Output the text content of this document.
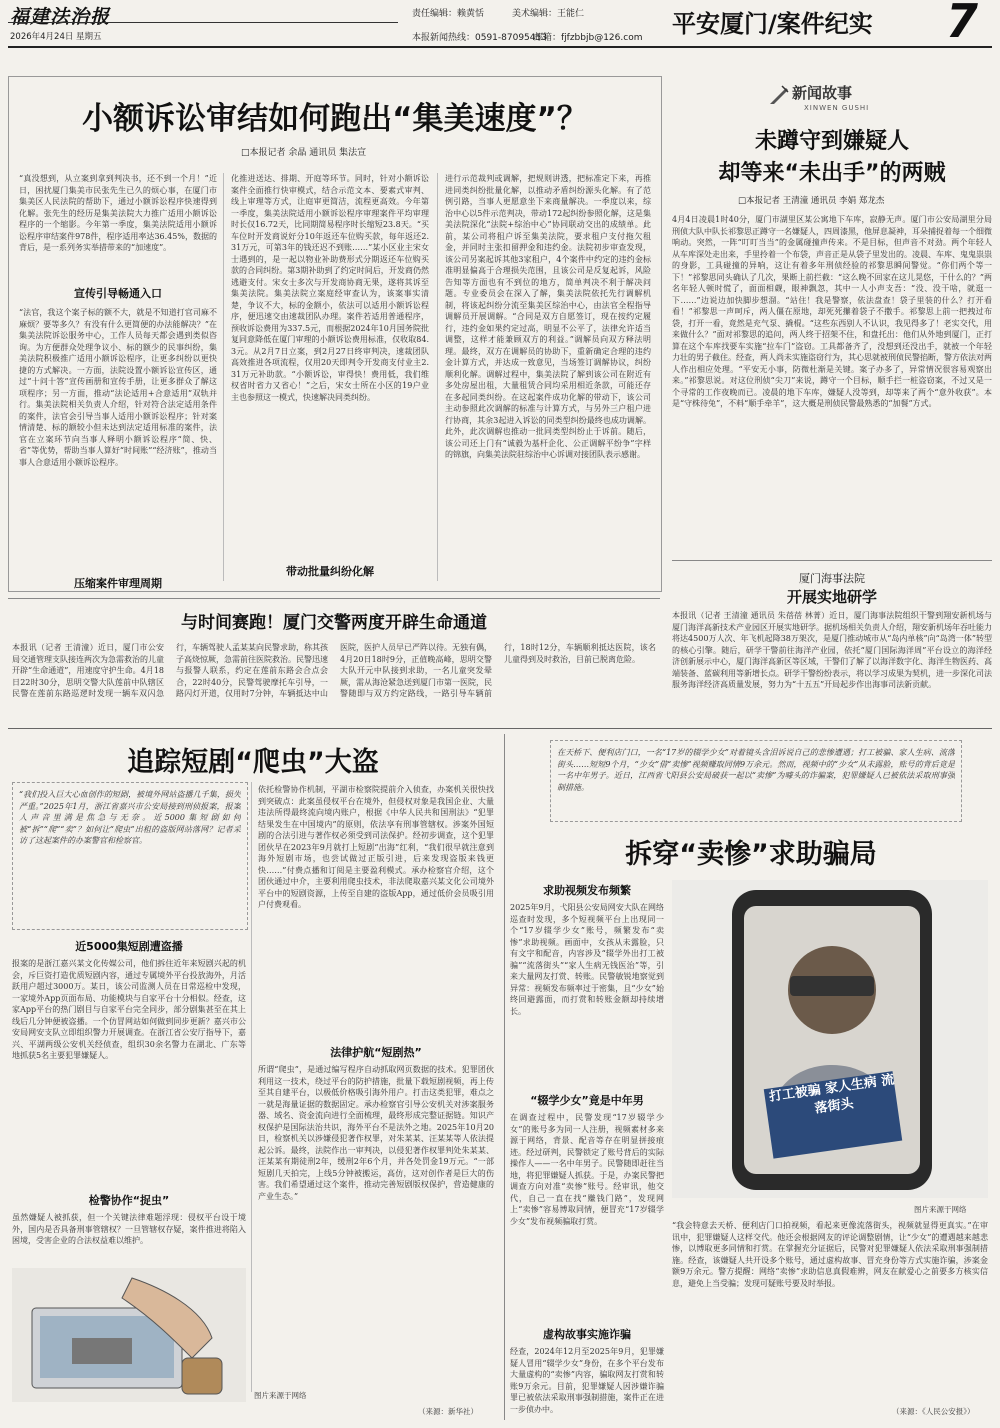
福建法治报
2026年4月24日 星期五
责任编辑：赖黄恬	美术编辑：王能仁
本报新闻热线：0591-87095453
邮箱：fjfzbbjb@126.com 平安厦门/案件纪实 7
小额诉讼审结如何跑出“集美速度”？
□本报记者 余晶 通讯员 集法宣
“真没想到，从立案到拿到判决书，还不到一个月！”近日，困扰厦门集美市民张先生已久的烦心事，在厦门市集美区人民法院的帮助下，通过小额诉讼程序快速得到化解。张先生的经历是集美法院大力推广适用小额诉讼程序的一个缩影。今年第一季度，集美法院适用小额诉讼程序审结案件978件，程序适用率达36.45%，数据的背后，是一系列务实举措带来的“加速度”。
宣传引导畅通入口
“法官，我这个案子标的额不大，就是不知道打官司麻不麻烦？要等多久？有没有什么更简便的办法能解决？”在集美法院诉讼服务中心，工作人员每天都会遇到类似咨询。为方便群众处理争议小、标的额少的民事纠纷，集美法院积极推广适用小额诉讼程序，让更多纠纷以更快捷的方式解决。一方面，法院设置小额诉讼宣传区，通过“十问十答”宣传画册和宣传手册，让更多群众了解这项程序；另一方面，推动“法论适用+合意适用”双轨并行。集美法院相关负责人介绍，针对符合法定适用条件的案件，法官会引导当事人适用小额诉讼程序；针对案情清楚、标的额较小但未达到法定适用标准的案件，法官在立案环节向当事人释明小额诉讼程序“简、快、省”等优势，帮助当事人算好“时间账”“经济账”，推动当事人合意适用小额诉讼程序。
压缩案件审理周期
化推进送达、排期、开庭等环节。同时，针对小额诉讼案件全面推行快审模式，结合示范文本、要素式审判、线上审理等方式，让庭审更简洁，流程更高效。今年第一季度，集美法院适用小额诉讼程序审理案件平均审理时长仅16.72天，比同期简易程序时长缩短23.8天。“买车位时开发商说好分10年返还车位购买款，每年返还2.31万元，可第3年的钱还迟不到账……”某小区业主宋女士遇到的，是一起以物业补助费形式分期返还车位购买款的合同纠纷。第3期补助到了约定时间后，开发商仍然逃避支付。宋女士多次与开发商协商无果，遂将其诉至集美法院。集美法院立案庭经审查认为，该案事实清楚，争议不大，标的金额小，依法可以适用小额诉讼程序，便迅速交由速裁团队办理。案件若适用普通程序，预收诉讼费用为337.5元，而根据2024年10月国务院批复同意降低在厦门审理的小额诉讼费用标准，仅收取84.3元。从2月7日立案，到2月27日终审判决，速裁团队高效推进各项流程，仅用20天即判令开发商支付业主2.31万元补助款。“小额诉讼，审得快！费用低，我们维权省时省力又省心！”之后，宋女士所在小区的19户业主也参照这一模式，快速解决同类纠纷。
带动批量纠纷化解
进行示范裁判或调解，把规则讲透，把标准定下来，再推进同类纠纷批量化解，以推动矛盾纠纷源头化解。有了范例引路，当事人更愿意坐下来商量解决。一季度以来，综治中心以5件示范判决，带动172起纠纷参照化解，这是集美法院深化“法院+综治中心”协同联动交出的成绩单。此前，某公司将租户诉至集美法院，要求租户支付拖欠租金，并同时主张扣留押金和违约金。法院初步审查发现，该公司另案起诉其他3家租户，4个案件中约定的违约金标准明显偏高于合理损失范围，且该公司是反复起诉，风险告知等方面也有不到位的地方，简单判决不利于解决问题。专业委员会在深入了解，集美法院依托先行调解机制，将该起纠纷分流至集美区综治中心，由法官全程指导调解员开展调解。“合同是双方自愿签订，现在按约定履行，违约金如果约定过高，明显不公平了，法律允许适当调整，这样才能兼顾双方的利益。”调解员向双方释法明理。最终，双方在调解员的协助下，重新确定合理的违约金计算方式，并达成一致意见，当场签订调解协议，纠纷顺利化解。调解过程中，集美法院了解到该公司在附近有多处房屋出租，大量租赁合同均采用相近条款，可能还存在多起同类纠纷。在这起案件成功化解的带动下，该公司主动参照此次调解的标准与计算方式，与另外三户租户进行协商，其余3起进入诉讼的同类型纠纷最终也成功调解。此外，此次调解也推动一批同类型纠纷止于诉前。随后，该公司还上门有“诚毅为基杆企化、公正调解平纷争”字样的锦旗，向集美法院驻综治中心诉调对接团队表示感谢。
新闻故事
XINWEN GUSHI
未蹲守到嫌疑人
却等来“未出手”的两贼
□本报记者 王清潼 通讯员 李娟 郑龙杰
4月4日凌晨1时40分，厦门市湖里区某公寓地下车库，寂静无声。厦门市公安局湖里分局刑侦大队中队长祁黎思正蹲守一名嫌疑人，四周漆黑，他屏息凝神，耳朵捕捉着每一个细微响动。突然，一阵“叮叮当当”的金属碰撞声传来。不是目标，但声音不对劲。两个年轻人从车库深处走出来，手里拎着一个布袋，声音正是从袋子里发出的。凌晨、车库、鬼鬼祟祟的身影，工具碰撞的异响，这让有着多年刑侦经验的祁黎思瞬间警觉。“你们两个等一下！”祁黎思同头确认了几次，果断上前拦截：“这么晚不回家在这儿晃悠，干什么的？”两名年轻人顿时慌了，面面相觑，眼神飘忽，其中一人小声支吾：“没、没干啥，就逛一下……”边说边加快脚步想溜。“站住！我是警察，依法盘查！袋子里装的什么？打开看看！”祁黎思一声呵斥，两人僵在原地，却死死攥着袋子不撒手。祁黎思上前一把拽过布袋，打开一看，竟然是充气泵、撬棍。“这些东西别人不认识，我见得多了！老实交代，用来做什么？”面对祁黎思的追问，两人终于招架不住，和盘托出：他们从外地到厦门，正打算在这个车库找要车实施“拉车门”盗窃。工具都备齐了，没想到还没出手，就被一个年轻力壮的男子截住。经查，两人尚未实施盗窃行为，其心思就被刑侦民警掐断，警方依法对两人作出相应处理。“平安无小事，防微杜渐是关键。案子办多了，异常情况很容易观察出来。”祁黎思说。对这位刑侦“尖刀”来说，蹲守一个目标，顺手拦一桩盗窃案，不过又是一个寻常的工作夜晚而已。凌晨的地下车库，嫌疑人没等到，却等来了两个“意外收获”。本是“守株待兔”，不料“顺手牵羊”，这大概是刑侦民警最熟悉的“加餐”方式。
厦门海事法院
开展实地研学
本报讯（记者 王清潼 通讯员 朱蓓蓓 林菁）近日，厦门海事法院组织干警到翔安新机场与厦门海洋高新技术产业园区开展实地研学。据机场相关负责人介绍，翔安新机场年吞吐能力将达4500万人次、年飞机起降38万架次，是厦门推动城市从“岛内单核”向“岛湾一体”转型的核心引擎。随后，研学干警前往海洋产业园，依托“厦门国际海洋周”平台设立的海洋经济创新展示中心，厦门海洋高新区等区域，干警们了解了以海洋数字化、海洋生物医药、高端装备、蓝碳利用等新增长点。研学干警纷纷表示，将以学习成果为契机，进一步深化司法服务海洋经济高质量发展，努力为“十五五”开局起步作出海事司法新贡献。
与时间赛跑！厦门交警两度开辟生命通道
本报讯（记者 王清潼）近日，厦门市公安局交通管理支队接连两次为急需救治的儿童开辟“生命通道”，用速度守护生命。4月18日22时30分，思明交警大队莲前中队辖区民警在莲前东路巡逻时发现一辆车双闪急行，车辆驾驶人孟某某向民警求助，称其孩子高烧惊厥，急需前往医院救治。民警迅速与报警人联系，约定在莲前东路会合点会合，22时40分，民警驾驶摩托车引导，一路闪灯开道，仅用时7分钟，车辆抵达中山医院，医护人员早已严阵以待。无独有偶，4月20日18时9分，正值晚高峰，思明交警大队开元中队接到求助，一名儿童突发晕厥，需从海沧紧急送到厦门市第一医院，民警随即与双方约定路线，一路引导车辆前行，18时12分，车辆顺利抵达医院，该名儿童得到及时救治，目前已脱离危险。
追踪短剧“爬虫”大盗
“我们投入巨大心血创作的短剧，被境外网站盗播几千集，损失严重。”2025年1月，浙江省嘉兴市公安局接到刑侦报案，报案人声音里满是焦急与无奈。近5000集短剧如何被“拆”“爬”“卖”？如何让“爬虫”出租的盗版网站落网？记者采访了这起案件的办案警官和检察官。
近5000集短剧遭盗播
报案的是浙江嘉兴某文化传媒公司，他们拆住近年来短剧兴起的机会，斥巨资打造优质短剧内容，通过专属境外平台投放海外，月活跃用户超过3000万。某日，该公司监测人员在日常巡检中发现，一家境外App页面布局、功能模块与自家平台十分相似。经查，这家App平台的热门剧目与自家平台完全同步，部分剧集甚至在其上线后几分钟便被盗播。一个仿冒网站如何做到同步更新？嘉兴市公安局网安支队立即组织警力开展调查。在浙江省公安厅指导下，嘉兴、平湖两级公安机关经侦查，组织30余名警力在湖北、广东等地抓获5名主要犯罪嫌疑人。
检警协作“捉虫”
虽然嫌疑人被抓获，但一个关键法律难题浮现：侵权平台设于境外，国内是否具备刑事管辖权？一旦管辖权存疑，案件推进将陷入困境，受害企业的合法权益难以维护。
图片来源于网络
依托检警协作机制，平湖市检察院提前介入侦查，办案机关很快找到突破点：此案虽侵权平台在境外，但侵权对象是我国企业、大量违法所得最终流向境内账户，根据《中华人民共和国刑法》“犯罪结果发生在中国境内”的原则，依法享有刑事管辖权。涉案外国短剧的合法引进与著作权必须受到司法保护。经初步调查，这个犯罪团伙早在2023年9月就打上短剧“出海”红利，“我们很早就注意到海外短剧市场，也尝试做过正版引进，后来发现盗版来钱更快……”付费点播和订阅是主要盈利模式。承办检察官介绍，这个团伙通过中介，主要利用爬虫技术，非法爬取嘉兴某文化公司境外平台中的短剧资源，上传至自建的盗版App，通过低价会员吸引用户付费观看。
法律护航“短剧热”
所谓“爬虫”，是通过编写程序自动抓取网页数据的技术。犯罪团伙利用这一技术，绕过平台的防护措施，批量下载短剧视频，再上传至其自建平台，以极低价格吸引海外用户。打击这类犯罪，难点之一就是海量证据的数据固定。承办检察官引导公安机关对涉案服务器、域名、资金流向进行全面梳理，最终形成完整证据链。知识产权保护是国际法治共识，海外平台不是法外之地。2025年10月20日，检察机关以涉嫌侵犯著作权罪，对朱某某、汪某某等人依法提起公诉。最终，法院作出一审判决，以侵犯著作权罪判处朱某某、汪某某有期徒刑2年，缓刑2年6个月，并各处罚金19万元。“一部短剧几天拍完，上线5分钟被搬运，高仿，这对创作者是巨大的伤害。我们希望通过这个案件，推动完善短剧版权保护，营造健康的产业生态。”
（来源：新华社）
在天桥下、便利店门口，一名“17岁的辍学少女”对着镜头含泪诉说自己的悲惨遭遇；打工被骗、家人生病、流落街头……短短9个月，“少女”借“卖惨”视频赚取同情9万余元。然而，视频中的“少女”从未露脸，账号的背后竟是一名中年男子。近日，江西省弋阳县公安局破获一起以“卖惨”为噱头的诈骗案，犯罪嫌疑人已被依法采取刑事强制措施。
拆穿“卖惨”求助骗局
求助视频发布频繁
2025年9月，弋阳县公安局网安大队在网络巡查时发现，多个短视频平台上出现同一个“17岁辍学少女”账号，频繁发布“卖惨”求助视频。画面中，女孩从未露脸，只有文字和配音，内容涉及“辍学外出打工被骗”“流落街头”“家人生病无钱医治”等，引来大量网友打赏、转账。民警敏锐地察觉到异常：视频发布频率过于密集，且“少女”始终回避露面，而打赏和转账金额却持续增长。
“辍学少女”竟是中年男
在调查过程中，民警发现“17岁辍学少女”的账号多为同一人注册，视频素材多来源于网络，背景、配音等存在明显拼接痕迹。经过研判，民警锁定了账号背后的实际操作人——一名中年男子。民警随即赶往当地，将犯罪嫌疑人抓获。于是，办案民警把调查方向对准“卖惨”账号。经审讯，他交代，自己一直在找“赚钱门路”，发现网上“卖惨”容易博取同情，便冒充“17岁辍学少女”发布视频骗取打赏。
虚构故事实施诈骗
经查，2024年12月至2025年9月，犯罪嫌疑人冒用“辍学少女”身份，在多个平台发布大量虚构的“卖惨”内容，骗取网友打赏和转账9万余元。目前，犯罪嫌疑人因涉嫌诈骗罪已被依法采取刑事强制措施，案件正在进一步侦办中。
打工被骗 家人生病 流落街头
图片来源于网络
“我会特意去天桥、便利店门口拍视频，看起来更像流落街头，视频就显得更真实。”在审讯中，犯罪嫌疑人这样交代。他还会根据网友的评论调整剧情，让“少女”的遭遇越来越悲惨，以博取更多同情和打赏。在掌握充分证据后，民警对犯罪嫌疑人依法采取刑事强制措施。经查，该嫌疑人共开设多个账号，通过虚构故事、冒充身份等方式实施诈骗，涉案金额9万余元。警方提醒：网络“卖惨”求助信息真假难辨，网友在献爱心之前要多方核实信息，避免上当受骗；发现可疑账号要及时举报。
（来源：《人民公安报》）
